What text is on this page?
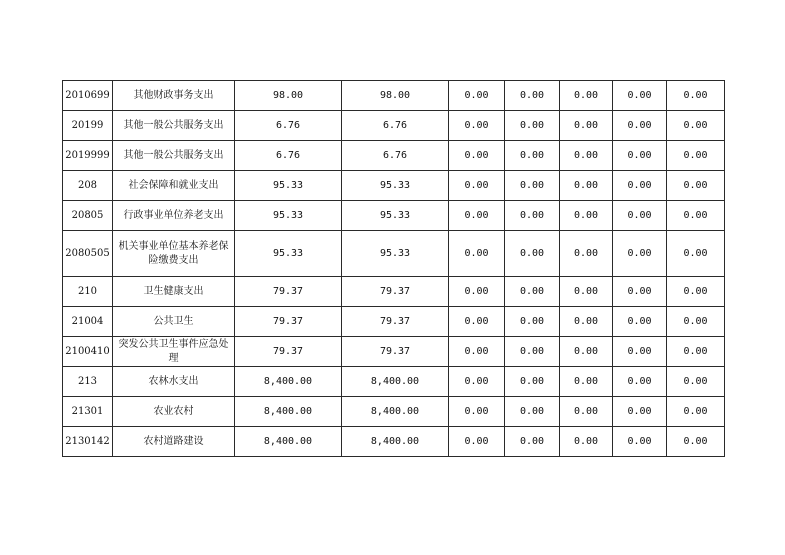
2010699	其他财政事务支出	98.00	98.00	0.00	0.00	0.00	0.00	0.00
20199	其他一般公共服务支出	6.76	6.76	0.00	0.00	0.00	0.00	0.00
2019999	其他一般公共服务支出	6.76	6.76	0.00	0.00	0.00	0.00	0.00
208	社会保障和就业支出	95.33	95.33	0.00	0.00	0.00	0.00	0.00
20805	行政事业单位养老支出	95.33	95.33	0.00	0.00	0.00	0.00	0.00
2080505	机关事业单位基本养老保险缴费支出	95.33	95.33	0.00	0.00	0.00	0.00	0.00
210	卫生健康支出	79.37	79.37	0.00	0.00	0.00	0.00	0.00
21004	公共卫生	79.37	79.37	0.00	0.00	0.00	0.00	0.00
2100410	突发公共卫生事件应急处理	79.37	79.37	0.00	0.00	0.00	0.00	0.00
213	农林水支出	8,400.00	8,400.00	0.00	0.00	0.00	0.00	0.00
21301	农业农村	8,400.00	8,400.00	0.00	0.00	0.00	0.00	0.00
2130142	农村道路建设	8,400.00	8,400.00	0.00	0.00	0.00	0.00	0.00
